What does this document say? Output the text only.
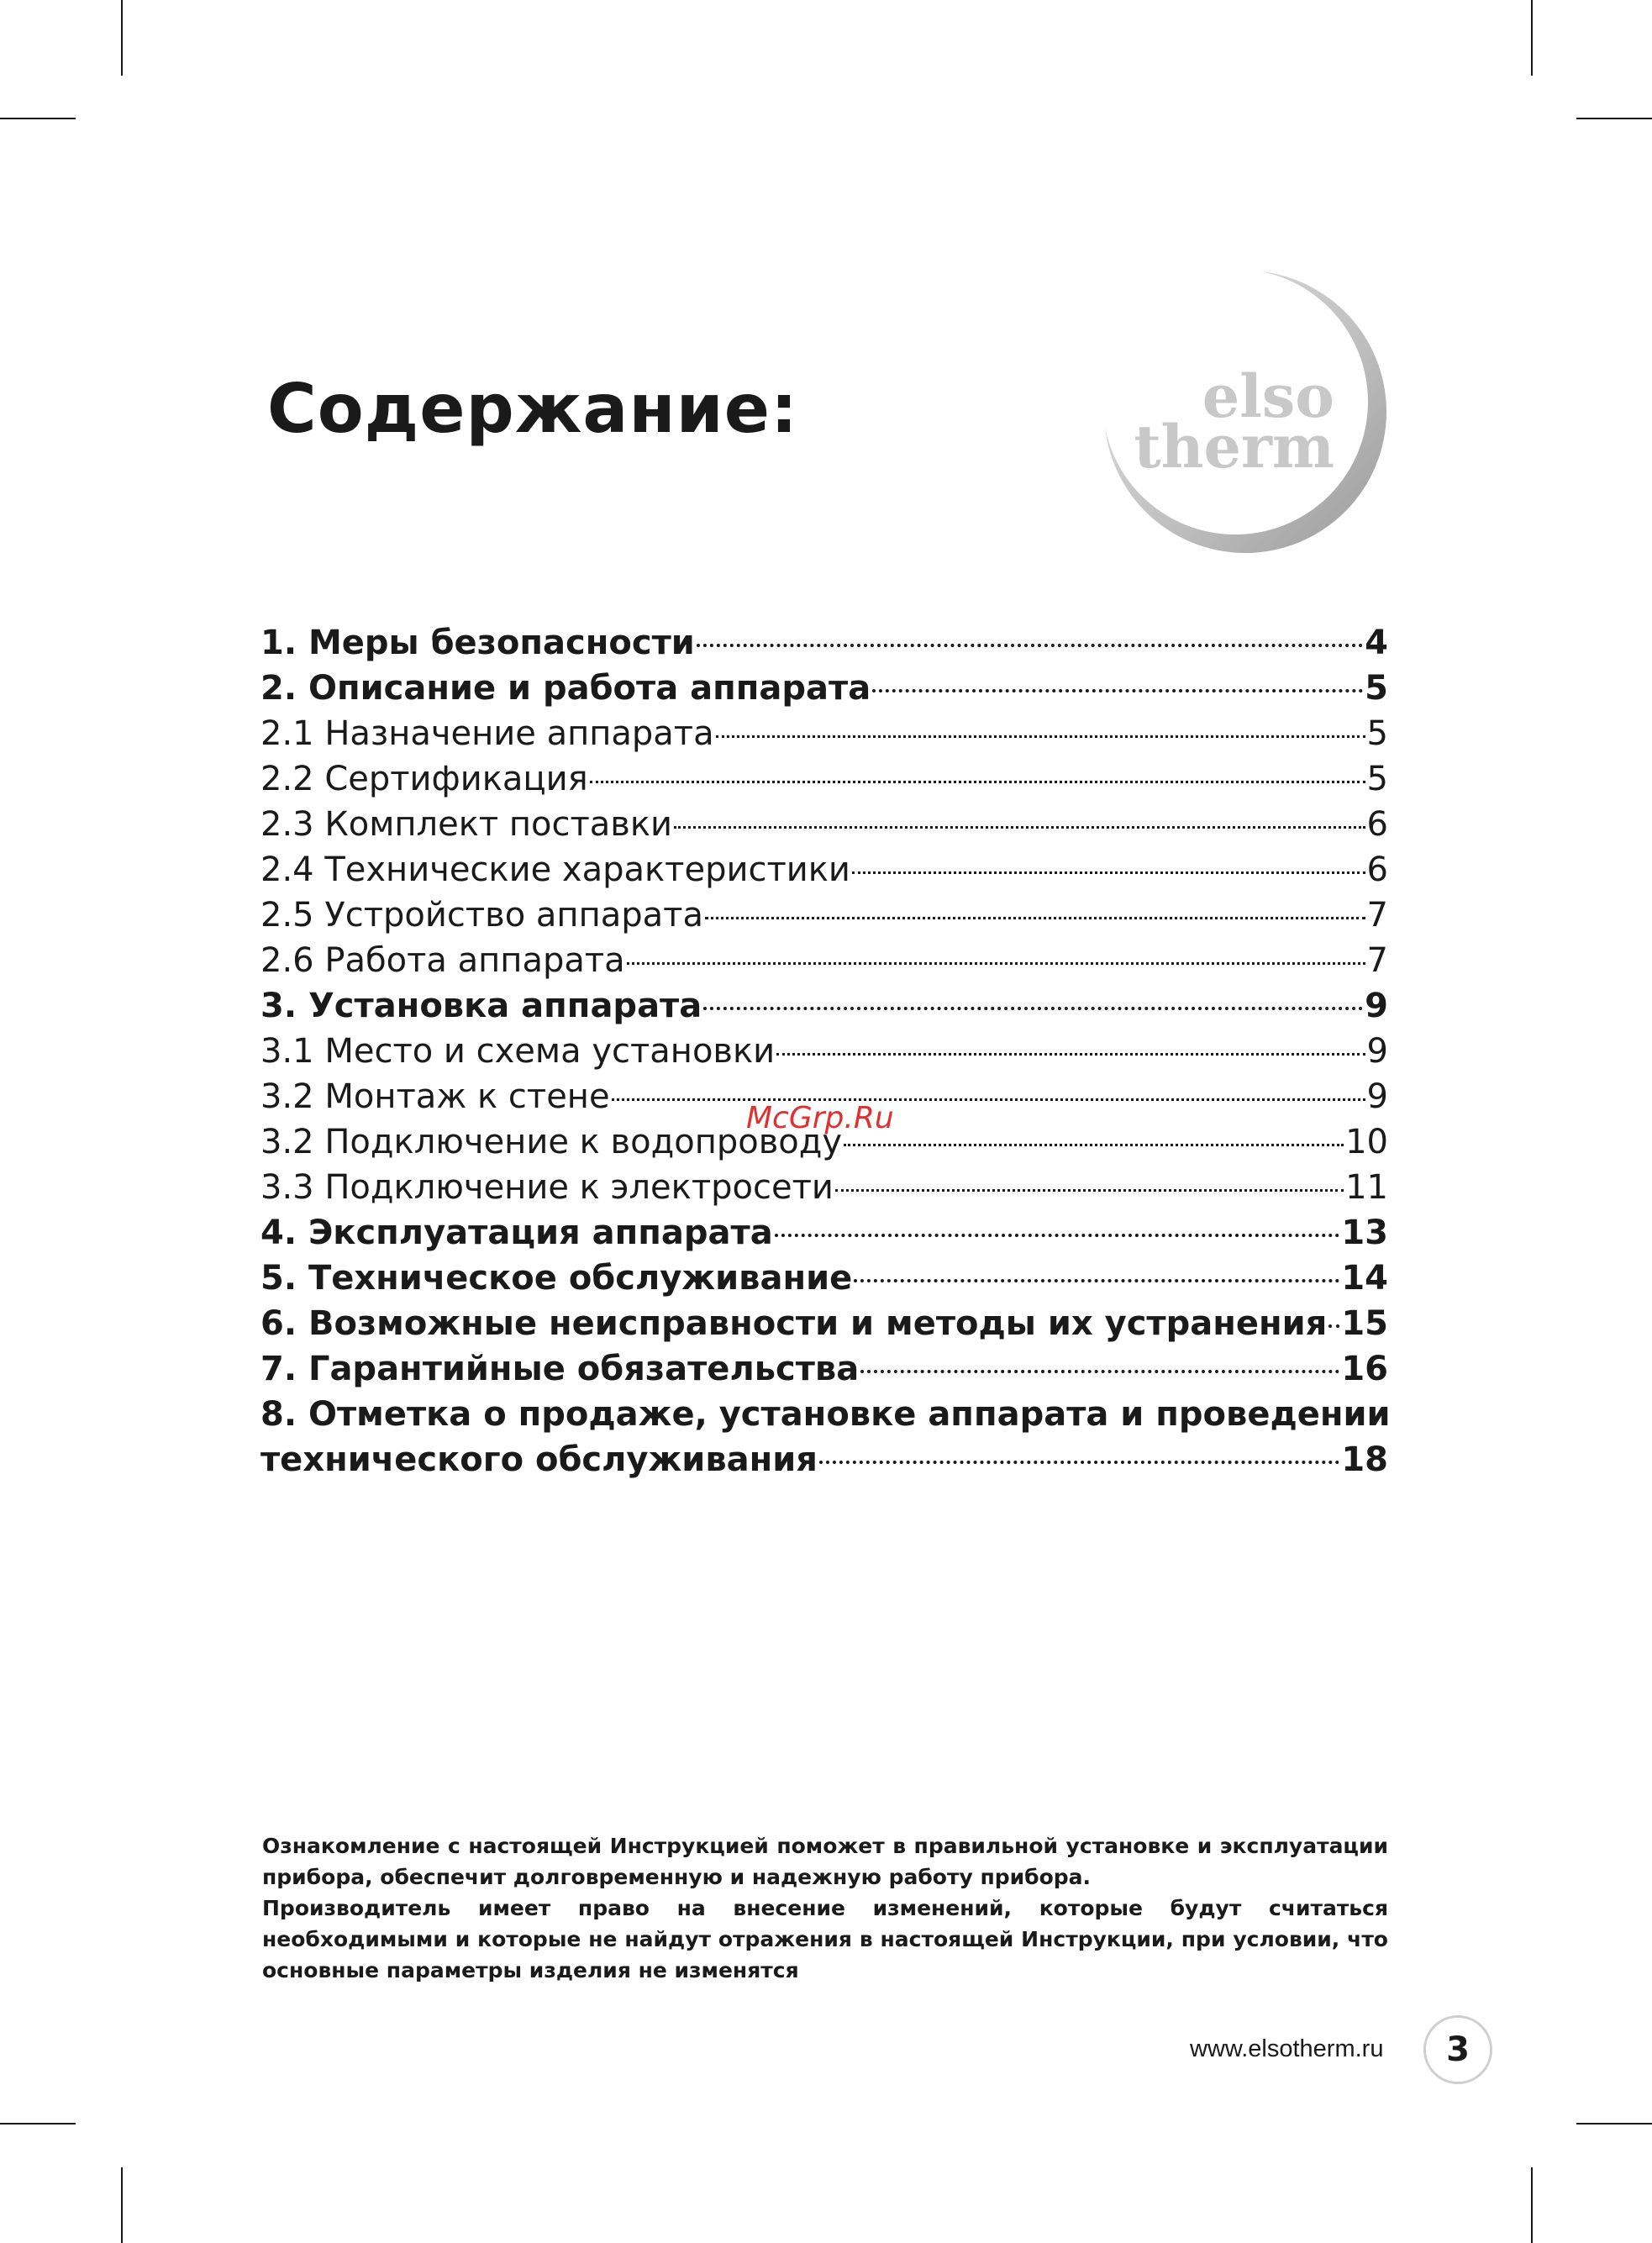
Содержание:	elso
therm
1. Меры безопасности	4
2. Описание и работа аппарата	5
2.1 Назначение аппарата	5
2.2 Сертификация	5
2.3 Комплект поставки	6
2.4 Технические характеристики	6
2.5 Устройство аппарата	7
2.6 Работа аппарата	7
3. Установка аппарата	9
3.1 Место и схема установки	9
3.2 Монтаж к стене	9
3.2 Подключение к водопроводу	10
3.3 Подключение к электросети	11
4. Эксплуатация аппарата	13
5. Техническое обслуживание	14
6. Возможные неисправности и методы их устранения 15
7. Гарантийные обязательства	16
8. Отметка о продаже, установке аппарата и проведении
технического обслуживания	18
McGrp.Ru

Ознакомление с настоящей Инструкцией поможет в правильной установке и эксплуатации прибора, обеспечит долговременную и надежную работу прибора.

Производитель имеет право на внесение изменений, которые будут считаться необходимыми и которые не найдут отражения в настоящей Инструкции, при условии, что основные параметры изделия не изменятся

www.elsotherm.ru	3
